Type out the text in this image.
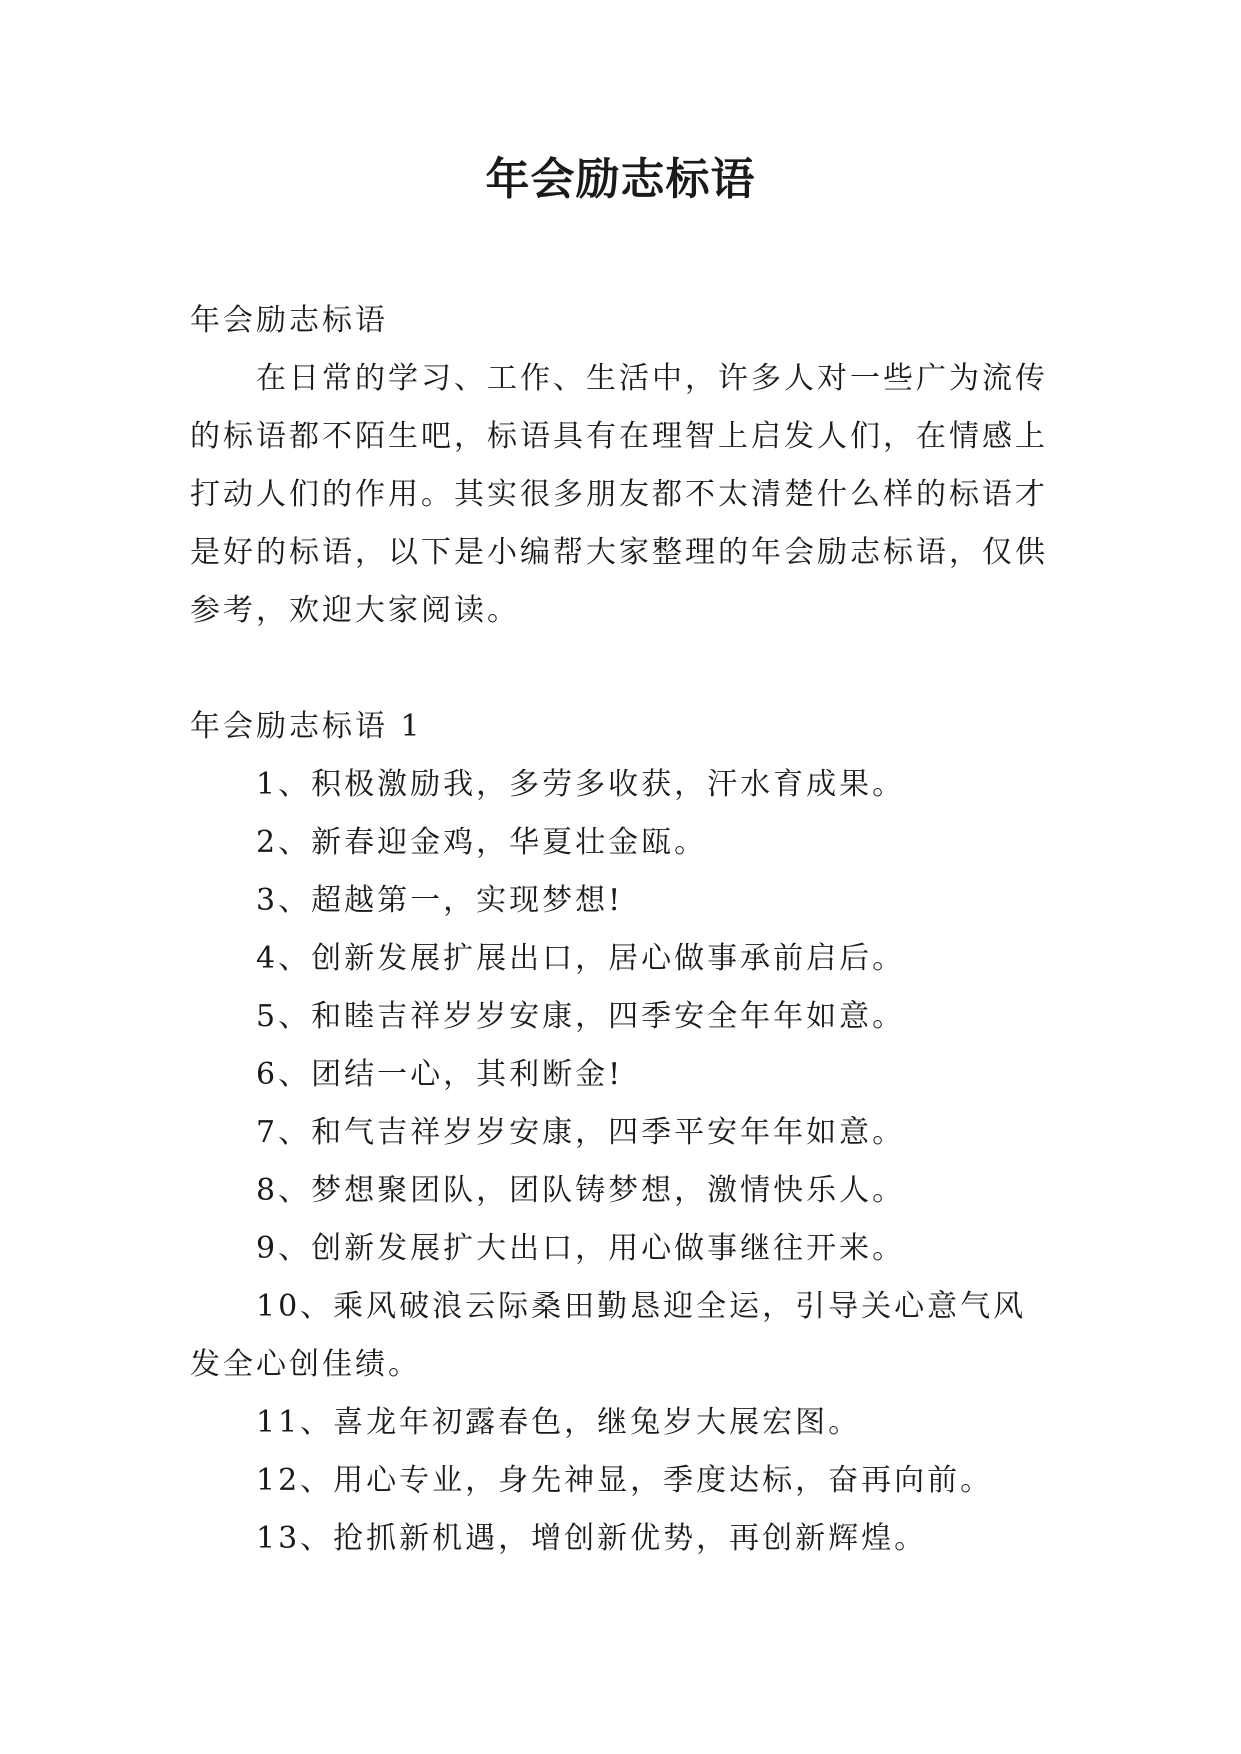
年会励志标语

年会励志标语

在日常的学习、工作、生活中，许多人对一些广为流传的标语都不陌生吧，标语具有在理智上启发人们，在情感上打动人们的作用。其实很多朋友都不太清楚什么样的标语才是好的标语，以下是小编帮大家整理的年会励志标语，仅供参考，欢迎大家阅读。

年会励志标语 1

1、积极激励我，多劳多收获，汗水育成果。

2、新春迎金鸡，华夏壮金瓯。

3、超越第一，实现梦想!

4、创新发展扩展出口，居心做事承前启后。

5、和睦吉祥岁岁安康，四季安全年年如意。

6、团结一心，其利断金!

7、和气吉祥岁岁安康，四季平安年年如意。

8、梦想聚团队，团队铸梦想，激情快乐人。

9、创新发展扩大出口，用心做事继往开来。

10、乘风破浪云际桑田勤恳迎全运，引导关心意气风发全心创佳绩。

11、喜龙年初露春色，继兔岁大展宏图。

12、用心专业，身先神显，季度达标，奋再向前。

13、抢抓新机遇，增创新优势，再创新辉煌。
